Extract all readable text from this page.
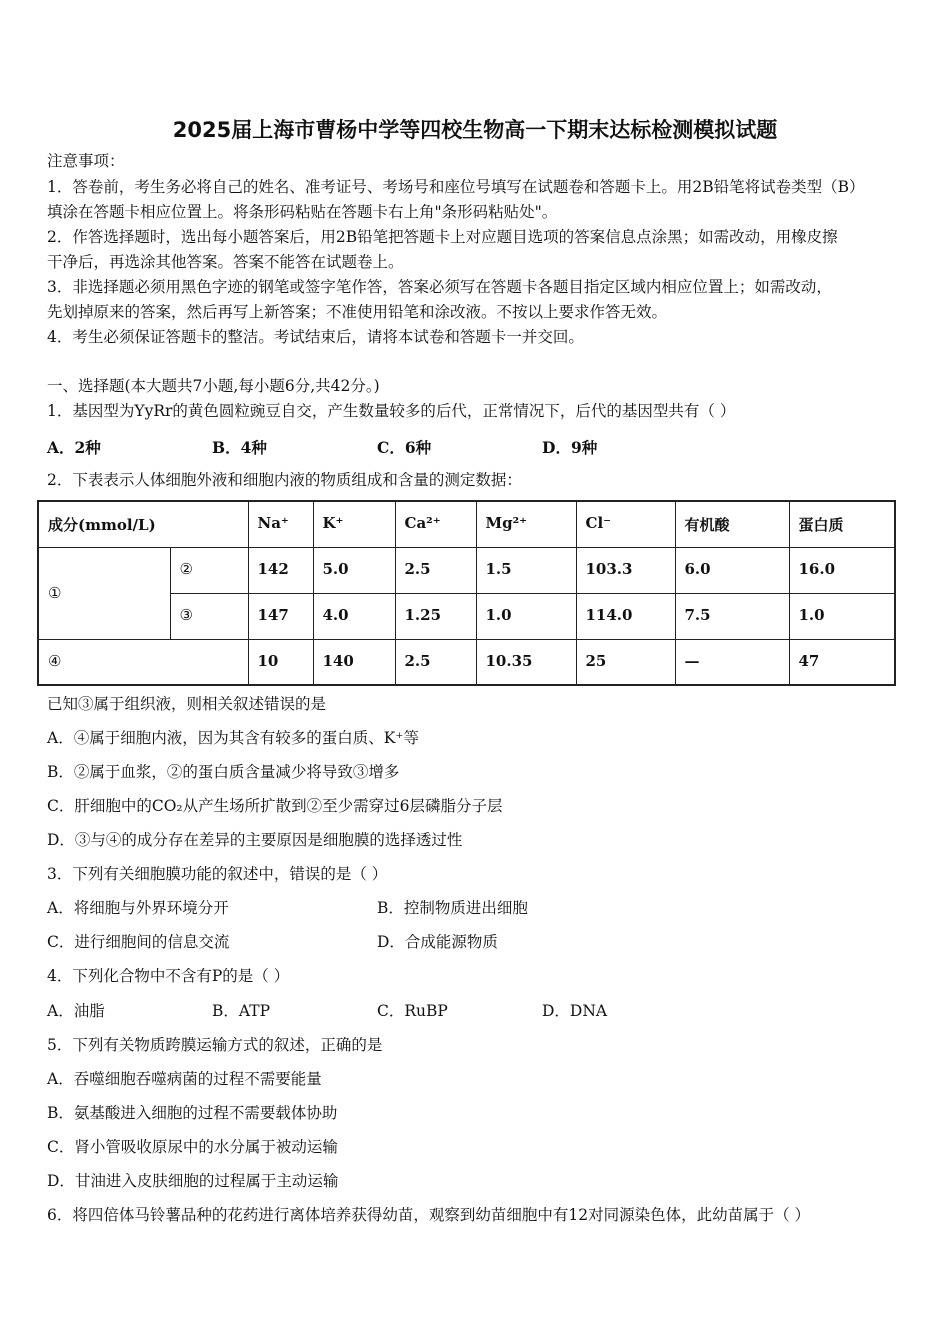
2025届上海市曹杨中学等四校生物高一下期末达标检测模拟试题
注意事项：
1．答卷前，考生务必将自己的姓名、准考证号、考场号和座位号填写在试题卷和答题卡上。用2B铅笔将试卷类型（B）
填涂在答题卡相应位置上。将条形码粘贴在答题卡右上角"条形码粘贴处"。
2．作答选择题时，选出每小题答案后，用2B铅笔把答题卡上对应题目选项的答案信息点涂黑；如需改动，用橡皮擦
干净后，再选涂其他答案。答案不能答在试题卷上。
3．非选择题必须用黑色字迹的钢笔或签字笔作答，答案必须写在答题卡各题目指定区域内相应位置上；如需改动，
先划掉原来的答案，然后再写上新答案；不准使用铅笔和涂改液。不按以上要求作答无效。
4．考生必须保证答题卡的整洁。考试结束后，请将本试卷和答题卡一并交回。
一、选择题(本大题共7小题,每小题6分,共42分。)
1．基因型为YyRr的黄色圆粒豌豆自交，产生数量较多的后代，正常情况下，后代的基因型共有（ ）
A．2种	B．4种	C．6种	D．9种
2．下表表示人体细胞外液和细胞内液的物质组成和含量的测定数据：
成分(mmol/L)		Na⁺	K⁺	Ca²⁺	Mg²⁺	Cl⁻	有机酸	蛋白质
①	②	142	5.0	2.5	1.5	103.3	6.0	16.0
	③	147	4.0	1.25	1.0	114.0	7.5	1.0
④		10	140	2.5	10.35	25	—	47
已知③属于组织液，则相关叙述错误的是
A．④属于细胞内液，因为其含有较多的蛋白质、K⁺等
B．②属于血浆，②的蛋白质含量减少将导致③增多
C．肝细胞中的CO₂从产生场所扩散到②至少需穿过6层磷脂分子层
D．③与④的成分存在差异的主要原因是细胞膜的选择透过性
3．下列有关细胞膜功能的叙述中，错误的是（ ）
A．将细胞与外界环境分开	B．控制物质进出细胞
C．进行细胞间的信息交流	D．合成能源物质
4．下列化合物中不含有P的是（ ）
A．油脂	B．ATP	C．RuBP	D．DNA
5．下列有关物质跨膜运输方式的叙述，正确的是
A．吞噬细胞吞噬病菌的过程不需要能量
B．氨基酸进入细胞的过程不需要载体协助
C．肾小管吸收原尿中的水分属于被动运输
D．甘油进入皮肤细胞的过程属于主动运输
6．将四倍体马铃薯品种的花药进行离体培养获得幼苗，观察到幼苗细胞中有12对同源染色体，此幼苗属于（ ）
